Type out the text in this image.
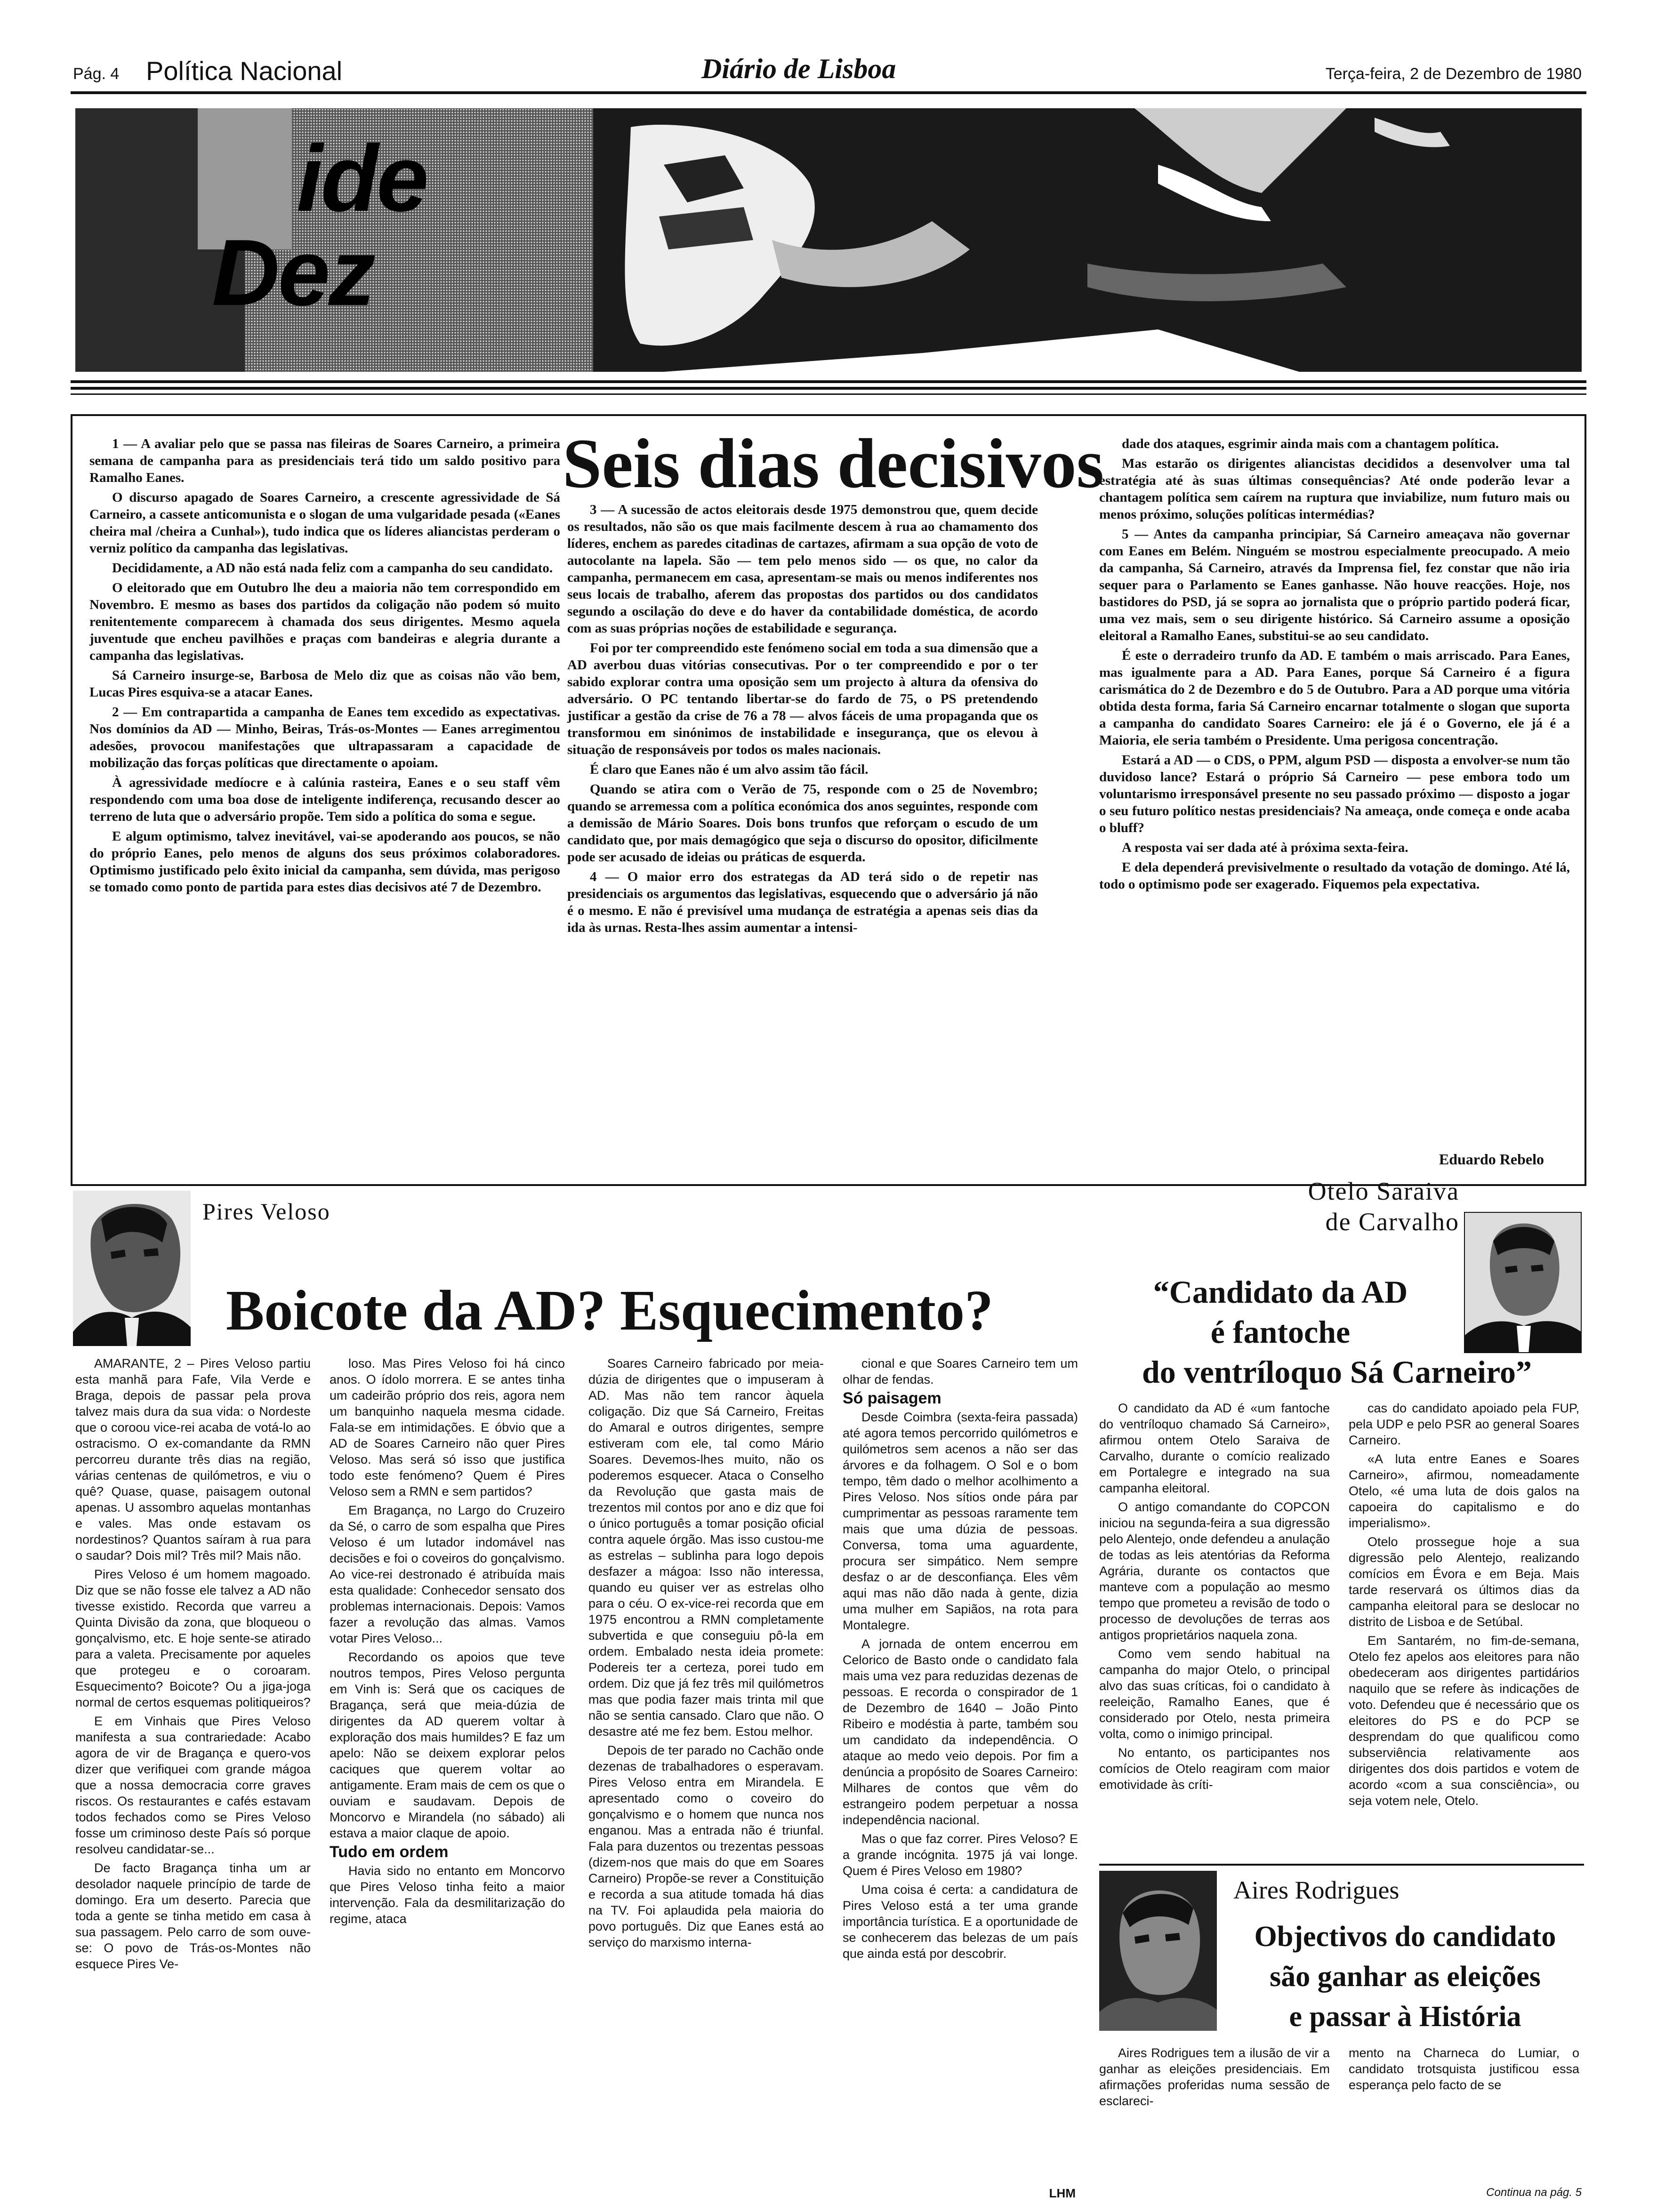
Pág. 4 Política Nacional	Diário de Lisboa	Terça-feira, 2 de Dezembro de 1980
ide
Dez

1 — A avaliar pelo que se passa nas fileiras de Soares Carneiro, a primeira semana de campanha para as presidenciais terá tido um saldo positivo para Ramalho Eanes.

O discurso apagado de Soares Carneiro, a crescente agressividade de Sá Carneiro, a cassete anticomunista e o slogan de uma vulgaridade pesada («Eanes cheira mal /cheira a Cunhal»), tudo indica que os líderes aliancistas perderam o verniz político da campanha das legislativas.

Decididamente, a AD não está nada feliz com a campanha do seu candidato.

O eleitorado que em Outubro lhe deu a maioria não tem correspondido em Novembro. E mesmo as bases dos partidos da coligação não podem só muito renitentemente comparecem à chamada dos seus dirigentes. Mesmo aquela juventude que encheu pavilhões e praças com bandeiras e alegria durante a campanha das legislativas.

Sá Carneiro insurge-se, Barbosa de Melo diz que as coisas não vão bem, Lucas Pires esquiva-se a atacar Eanes.

2 — Em contrapartida a campanha de Eanes tem excedido as expectativas. Nos domínios da AD — Minho, Beiras, Trás-os-Montes — Eanes arregimentou adesões, provocou manifestações que ultrapassaram a capacidade de mobilização das forças políticas que directamente o apoiam.

À agressividade medíocre e à calúnia rasteira, Eanes e o seu staff vêm respondendo com uma boa dose de inteligente indiferença, recusando descer ao terreno de luta que o adversário propõe. Tem sido a política do soma e segue.

E algum optimismo, talvez inevitável, vai-se apoderando aos poucos, se não do próprio Eanes, pelo menos de alguns dos seus próximos colaboradores. Optimismo justificado pelo êxito inicial da campanha, sem dúvida, mas perigoso se tomado como ponto de partida para estes dias decisivos até 7 de Dezembro.

Seis dias decisivos

3 — A sucessão de actos eleitorais desde 1975 demonstrou que, quem decide os resultados, não são os que mais facilmente descem à rua ao chamamento dos líderes, enchem as paredes citadinas de cartazes, afirmam a sua opção de voto de autocolante na lapela. São — tem pelo menos sido — os que, no calor da campanha, permanecem em casa, apresentam-se mais ou menos indiferentes nos seus locais de trabalho, aferem das propostas dos partidos ou dos candidatos segundo a oscilação do deve e do haver da contabilidade doméstica, de acordo com as suas próprias noções de estabilidade e segurança.

Foi por ter compreendido este fenómeno social em toda a sua dimensão que a AD averbou duas vitórias consecutivas. Por o ter compreendido e por o ter sabido explorar contra uma oposição sem um projecto à altura da ofensiva do adversário. O PC tentando libertar-se do fardo de 75, o PS pretendendo justificar a gestão da crise de 76 a 78 — alvos fáceis de uma propaganda que os transformou em sinónimos de instabilidade e insegurança, que os elevou à situação de responsáveis por todos os males nacionais.

É claro que Eanes não é um alvo assim tão fácil.

Quando se atira com o Verão de 75, responde com o 25 de Novembro; quando se arremessa com a política económica dos anos seguintes, responde com a demissão de Mário Soares. Dois bons trunfos que reforçam o escudo de um candidato que, por mais demagógico que seja o discurso do opositor, dificilmente pode ser acusado de ideias ou práticas de esquerda.

4 — O maior erro dos estrategas da AD terá sido o de repetir nas presidenciais os argumentos das legislativas, esquecendo que o adversário já não é o mesmo. E não é previsível uma mudança de estratégia a apenas seis dias da ida às urnas. Resta-lhes assim aumentar a intensi-

dade dos ataques, esgrimir ainda mais com a chantagem política.

Mas estarão os dirigentes aliancistas decididos a desenvolver uma tal estratégia até às suas últimas consequências? Até onde poderão levar a chantagem política sem caírem na ruptura que inviabilize, num futuro mais ou menos próximo, soluções políticas intermédias?

5 — Antes da campanha principiar, Sá Carneiro ameaçava não governar com Eanes em Belém. Ninguém se mostrou especialmente preocupado. A meio da campanha, Sá Carneiro, através da Imprensa fiel, fez constar que não iria sequer para o Parlamento se Eanes ganhasse. Não houve reacções. Hoje, nos bastidores do PSD, já se sopra ao jornalista que o próprio partido poderá ficar, uma vez mais, sem o seu dirigente histórico. Sá Carneiro assume a oposição eleitoral a Ramalho Eanes, substitui-se ao seu candidato.

É este o derradeiro trunfo da AD. E também o mais arriscado. Para Eanes, mas igualmente para a AD. Para Eanes, porque Sá Carneiro é a figura carismática do 2 de Dezembro e do 5 de Outubro. Para a AD porque uma vitória obtida desta forma, faria Sá Carneiro encarnar totalmente o slogan que suporta a campanha do candidato Soares Carneiro: ele já é o Governo, ele já é a Maioria, ele seria também o Presidente. Uma perigosa concentração.

Estará a AD — o CDS, o PPM, algum PSD — disposta a envolver-se num tão duvidoso lance? Estará o próprio Sá Carneiro — pese embora todo um voluntarismo irresponsável presente no seu passado próximo — disposto a jogar o seu futuro político nestas presidenciais? Na ameaça, onde começa e onde acaba o bluff?

A resposta vai ser dada até à próxima sexta-feira.

E dela dependerá previsivelmente o resultado da votação de domingo. Até lá, todo o optimismo pode ser exagerado. Fiquemos pela expectativa.

Eduardo Rebelo
Pires Veloso
Boicote da AD? Esquecimento?

AMARANTE, 2 – Pires Veloso partiu esta manhã para Fafe, Vila Verde e Braga, depois de passar pela prova talvez mais dura da sua vida: o Nordeste que o coroou vice-rei acaba de votá-lo ao ostracismo. O ex-comandante da RMN percorreu durante três dias na região, várias centenas de quilómetros, e viu o quê? Quase, quase, paisagem outonal apenas. U assombro aquelas montanhas e vales. Mas onde estavam os nordestinos? Quantos saíram à rua para o saudar? Dois mil? Três mil? Mais não.

Pires Veloso é um homem magoado. Diz que se não fosse ele talvez a AD não tivesse existido. Recorda que varreu a Quinta Divisão da zona, que bloqueou o gonçalvismo, etc. E hoje sente-se atirado para a valeta. Precisamente por aqueles que protegeu e o coroaram. Esquecimento? Boicote? Ou a jiga-joga normal de certos esquemas politiqueiros?

E em Vinhais que Pires Veloso manifesta a sua contrariedade: Acabo agora de vir de Bragança e quero-vos dizer que verifiquei com grande mágoa que a nossa democracia corre graves riscos. Os restaurantes e cafés estavam todos fechados como se Pires Veloso fosse um criminoso deste País só porque resolveu candidatar-se...

De facto Bragança tinha um ar desolador naquele princípio de tarde de domingo. Era um deserto. Parecia que toda a gente se tinha metido em casa à sua passagem. Pelo carro de som ouve-se: O povo de Trás-os-Montes não esquece Pires Ve-

loso. Mas Pires Veloso foi há cinco anos. O ídolo morrera. E se antes tinha um cadeirão próprio dos reis, agora nem um banquinho naquela mesma cidade. Fala-se em intimidações. E óbvio que a AD de Soares Carneiro não quer Pires Veloso. Mas será só isso que justifica todo este fenómeno? Quem é Pires Veloso sem a RMN e sem partidos?

Em Bragança, no Largo do Cruzeiro da Sé, o carro de som espalha que Pires Veloso é um lutador indomável nas decisões e foi o coveiros do gonçalvismo. Ao vice-rei destronado é atribuída mais esta qualidade: Conhecedor sensato dos problemas internacionais. Depois: Vamos fazer a revolução das almas. Vamos votar Pires Veloso...

Recordando os apoios que teve noutros tempos, Pires Veloso pergunta em Vinh is: Será que os caciques de Bragança, será que meia-dúzia de dirigentes da AD querem voltar à exploração dos mais humildes? E faz um apelo: Não se deixem explorar pelos caciques que querem voltar ao antigamente. Eram mais de cem os que o ouviam e saudavam. Depois de Moncorvo e Mirandela (no sábado) ali estava a maior claque de apoio.

Tudo em ordem

Havia sido no entanto em Moncorvo que Pires Veloso tinha feito a maior intervenção. Fala da desmilitarização do regime, ataca

Soares Carneiro fabricado por meia-dúzia de dirigentes que o impuseram à AD. Mas não tem rancor àquela coligação. Diz que Sá Carneiro, Freitas do Amaral e outros dirigentes, sempre estiveram com ele, tal como Mário Soares. Devemos-lhes muito, não os poderemos esquecer. Ataca o Conselho da Revolução que gasta mais de trezentos mil contos por ano e diz que foi o único português a tomar posição oficial contra aquele órgão. Mas isso custou-me as estrelas – sublinha para logo depois desfazer a mágoa: Isso não interessa, quando eu quiser ver as estrelas olho para o céu. O ex-vice-rei recorda que em 1975 encontrou a RMN completamente subvertida e que conseguiu pô-la em ordem. Embalado nesta ideia promete: Podereis ter a certeza, porei tudo em ordem. Diz que já fez três mil quilómetros mas que podia fazer mais trinta mil que não se sentia cansado. Claro que não. O desastre até me fez bem. Estou melhor.

Depois de ter parado no Cachão onde dezenas de trabalhadores o esperavam. Pires Veloso entra em Mirandela. E apresentado como o coveiro do gonçalvismo e o homem que nunca nos enganou. Mas a entrada não é triunfal. Fala para duzentos ou trezentas pessoas (dizem-nos que mais do que em Soares Carneiro) Propõe-se rever a Constituição e recorda a sua atitude tomada há dias na TV. Foi aplaudida pela maioria do povo português. Diz que Eanes está ao serviço do marxismo interna-

cional e que Soares Carneiro tem um olhar de fendas.

Só paisagem

Desde Coimbra (sexta-feira passada) até agora temos percorrido quilómetros e quilómetros sem acenos a não ser das árvores e da folhagem. O Sol e o bom tempo, têm dado o melhor acolhimento a Pires Veloso. Nos sítios onde pára par cumprimentar as pessoas raramente tem mais que uma dúzia de pessoas. Conversa, toma uma aguardente, procura ser simpático. Nem sempre desfaz o ar de desconfiança. Eles vêm aqui mas não dão nada à gente, dizia uma mulher em Sapiãos, na rota para Montalegre.

A jornada de ontem encerrou em Celorico de Basto onde o candidato fala mais uma vez para reduzidas dezenas de pessoas. E recorda o conspirador de 1 de Dezembro de 1640 – João Pinto Ribeiro e modéstia à parte, também sou um candidato da independência. O ataque ao medo veio depois. Por fim a denúncia a propósito de Soares Carneiro: Milhares de contos que vêm do estrangeiro podem perpetuar a nossa independência nacional.

Mas o que faz correr. Pires Veloso? E a grande incógnita. 1975 já vai longe. Quem é Pires Veloso em 1980?

Uma coisa é certa: a candidatura de Pires Veloso está a ter uma grande importância turística. E a oportunidade de se conhecerem das belezas de um país que ainda está por descobrir.

LHM
Otelo Saraiva
de Carvalho
“Candidato da AD
é fantoche
do ventríloquo Sá Carneiro”

O candidato da AD é «um fantoche do ventríloquo chamado Sá Carneiro», afirmou ontem Otelo Saraiva de Carvalho, durante o comício realizado em Portalegre e integrado na sua campanha eleitoral.

O antigo comandante do COPCON iniciou na segunda-feira a sua digressão pelo Alentejo, onde defendeu a anulação de todas as leis atentórias da Reforma Agrária, durante os contactos que manteve com a população ao mesmo tempo que prometeu a revisão de todo o processo de devoluções de terras aos antigos proprietários naquela zona.

Como vem sendo habitual na campanha do major Otelo, o principal alvo das suas críticas, foi o candidato à reeleição, Ramalho Eanes, que é considerado por Otelo, nesta primeira volta, como o inimigo principal.

No entanto, os participantes nos comícios de Otelo reagiram com maior emotividade às críti-

cas do candidato apoiado pela FUP, pela UDP e pelo PSR ao general Soares Carneiro.

«A luta entre Eanes e Soares Carneiro», afirmou, nomeadamente Otelo, «é uma luta de dois galos na capoeira do capitalismo e do imperialismo».

Otelo prossegue hoje a sua digressão pelo Alentejo, realizando comícios em Évora e em Beja. Mais tarde reservará os últimos dias da campanha eleitoral para se deslocar no distrito de Lisboa e de Setúbal.

Em Santarém, no fim-de-semana, Otelo fez apelos aos eleitores para não obedeceram aos dirigentes partidários naquilo que se refere às indicações de voto. Defendeu que é necessário que os eleitores do PS e do PCP se desprendam do que qualificou como subserviência relativamente aos dirigentes dos dois partidos e votem de acordo «com a sua consciência», ou seja votem nele, Otelo.

Aires Rodrigues
Objectivos do candidato
são ganhar as eleições
e passar à História
Aires Rodrigues tem a ilusão de vir a ganhar as eleições presidenciais. Em afirmações proferidas numa sessão de esclareci-
mento na Charneca do Lumiar, o candidato trotsquista justificou essa esperança pelo facto de se
Continua na pág. 5
